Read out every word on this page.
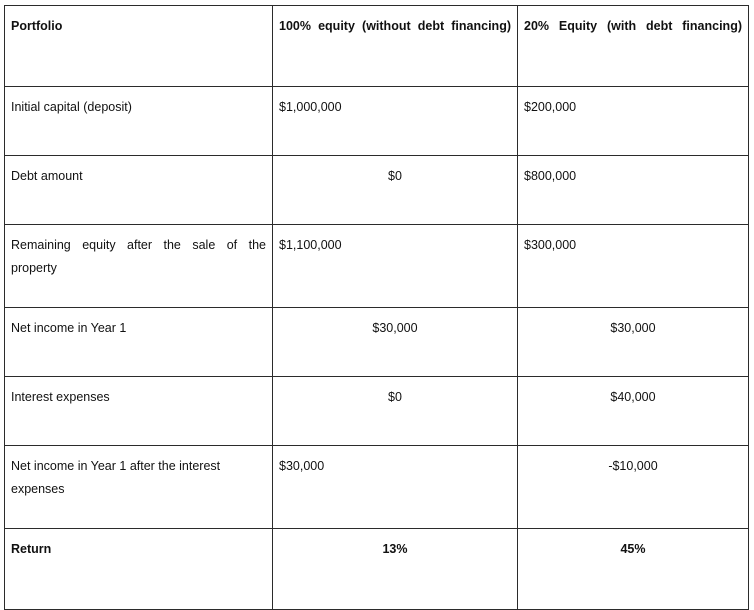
Portfolio	100% equity (without debt financing)	20% Equity (with debt financing)
Initial capital (deposit)	$1,000,000	$200,000
Debt amount	$0	$800,000
Remaining equity after the sale of the property	$1,100,000	$300,000
Net income in Year 1	$30,000	$30,000
Interest expenses	$0	$40,000
Net income in Year 1 after the interest expenses	$30,000	-$10,000
Return	13%	45%
